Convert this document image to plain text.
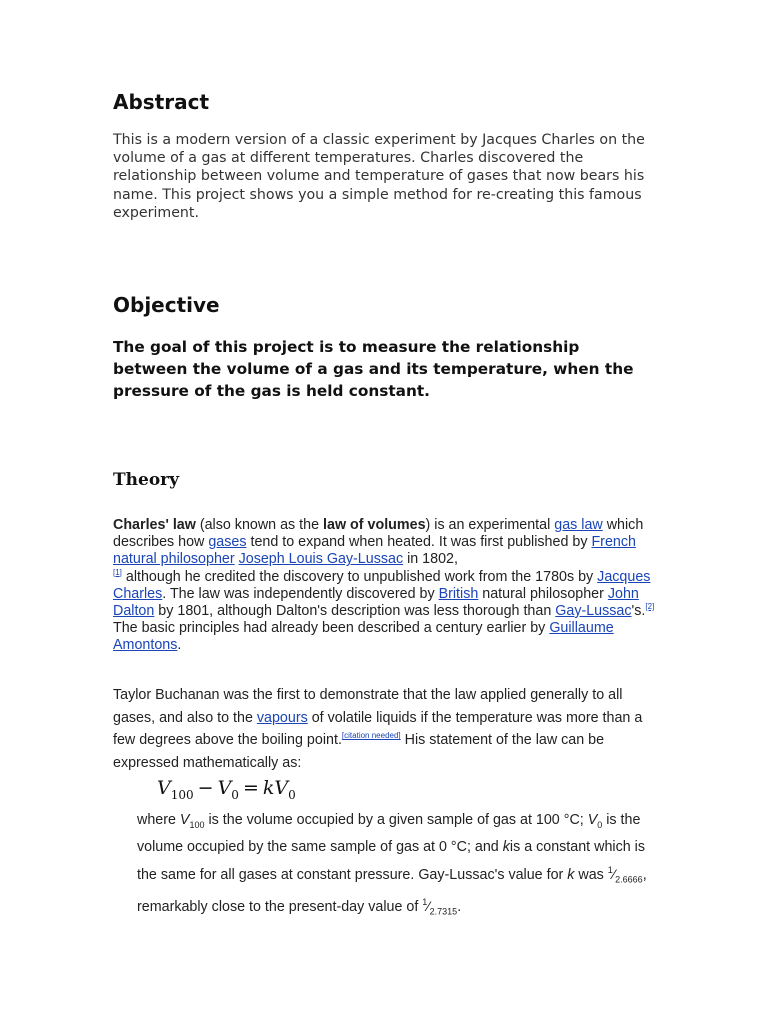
Abstract

This is a modern version of a classic experiment by Jacques Charles on the volume of a gas at different temperatures. Charles discovered the relationship between volume and temperature of gases that now bears his name. This project shows you a simple method for re-creating this famous experiment.

Objective

The goal of this project is to measure the relationship between the volume of a gas and its temperature, when the pressure of the gas is held constant.

Theory

Charles' law (also known as the law of volumes) is an experimental gas law which describes how gases tend to expand when heated. It was first published by French natural philosopher Joseph Louis Gay-Lussac in 1802,
[1] although he credited the discovery to unpublished work from the 1780s by Jacques Charles. The law was independently discovered by British natural philosopher John Dalton by 1801, although Dalton's description was less thorough than Gay-Lussac's.[2] The basic principles had already been described a century earlier by Guillaume Amontons.

Taylor Buchanan was the first to demonstrate that the law applied generally to all gases, and also to the vapours of volatile liquids if the temperature was more than a few degrees above the boiling point.[citation needed] His statement of the law can be expressed mathematically as:

$V_{100} - V_0 = kV_0$

where $V_{100}$ is the volume occupied by a given sample of gas at 100 °C; $V_0$ is the volume occupied by the same sample of gas at 0 °C; and kis a constant which is the same for all gases at constant pressure. Gay-Lussac's value for k was $^1⁄_{2.6666}$, remarkably close to the present-day value of $^1⁄_{2.7315}$.
